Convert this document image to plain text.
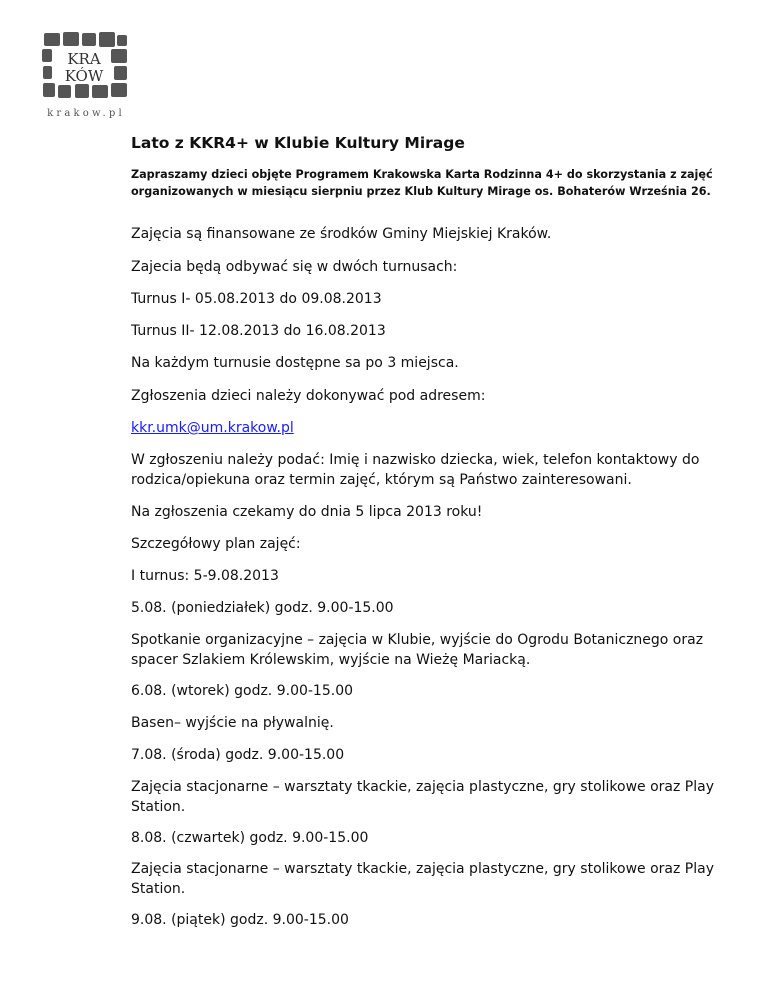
KRA
KÓW
krakow.pl
Lato z KKR4+ w Klubie Kultury Mirage
Zapraszamy dzieci objęte Programem Krakowska Karta Rodzinna 4+ do skorzystania z zajęć
organizowanych w miesiącu sierpniu przez Klub Kultury Mirage os. Bohaterów Września 26.

Zajęcia są finansowane ze środków Gminy Miejskiej Kraków.

Zajecia będą odbywać się w dwóch turnusach:

Turnus I- 05.08.2013 do 09.08.2013

Turnus II- 12.08.2013 do 16.08.2013

Na każdym turnusie dostępne sa po 3 miejsca.

Zgłoszenia dzieci należy dokonywać pod adresem:

kkr.umk@um.krakow.pl

W zgłoszeniu należy podać: Imię i nazwisko dziecka, wiek, telefon kontaktowy do
rodzica/opiekuna oraz termin zajęć, którym są Państwo zainteresowani.

Na zgłoszenia czekamy do dnia 5 lipca 2013 roku!

Szczegółowy plan zajęć:

I turnus: 5-9.08.2013

5.08. (poniedziałek) godz. 9.00-15.00

Spotkanie organizacyjne – zajęcia w Klubie, wyjście do Ogrodu Botanicznego oraz
spacer Szlakiem Królewskim, wyjście na Wieżę Mariacką.

6.08. (wtorek) godz. 9.00-15.00

Basen– wyjście na pływalnię.

7.08. (środa) godz. 9.00-15.00

Zajęcia stacjonarne – warsztaty tkackie, zajęcia plastyczne, gry stolikowe oraz Play
Station.

8.08. (czwartek) godz. 9.00-15.00

Zajęcia stacjonarne – warsztaty tkackie, zajęcia plastyczne, gry stolikowe oraz Play
Station.

9.08. (piątek) godz. 9.00-15.00
